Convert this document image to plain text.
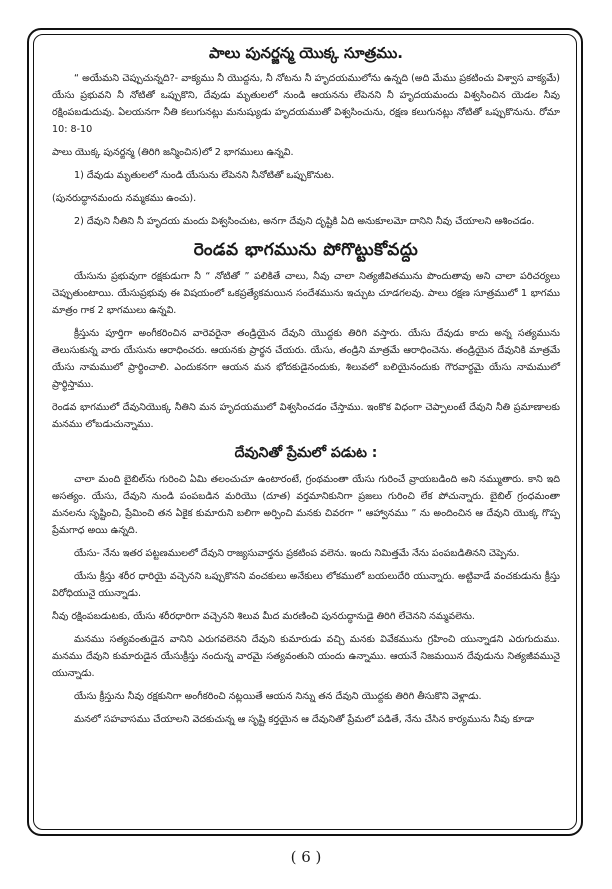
పాలు పునర్జన్మ యొక్క సూత్రము.

“ అయేమని చెప్పుచున్నది?- వాక్యము నీ యొద్దను, నీ నోటను నీ హృదయములోను ఉన్నది (అది మేము ప్రకటించు విశ్వాస వాక్యమే) యేసు ప్రభువని నీ నోటితో ఒప్పుకొని, దేవుడు మృతులలో నుండి ఆయనను లేపెనని నీ హృదయమందు విశ్వసించిన యెడల నీవు రక్షింపబడుదువు. ఏలయనగా నీతి కలుగునట్లు మనుష్యుడు హృదయముతో విశ్వసించును, రక్షణ కలుగునట్లు నోటితో ఒప్పుకొనును. రోమా 10: 8-10

పాలు యొక్క పునర్జన్మ (తిరిగి జన్మించిన)లో 2 భాగములు ఉన్నవి.

1) దేవుడు మృతులలో నుండి యేసును లేపెనని నీనోటితో ఒప్పుకొనుట.

(పునరుద్ధానమందు నమ్మకము ఉంచు).

2) దేవుని నీతిని నీ హృదయ మందు విశ్వసించుట, అనగా దేవుని దృష్టికి ఏది అనుకూలమో దానిని నీవు చేయాలని ఆశించడం.

రెండవ భాగమును పోగొట్టుకోవద్దు

యేసును ప్రభువుగా రక్షకుడుగా నీ “ నోటితో ” పలికితే చాలు, నీవు చాలా నిత్యజీవితమును పొందుతావు అని చాలా పరిచర్యలు చెప్పుతుంటాయి. యేసుప్రభువు ఈ విషయంలో ఒకప్రత్యేకమయిన సందేశమును ఇచ్చుట చూడగలవు. పాలు రక్షణ సూత్రములో 1 భాగము మాత్రం గాక 2 భాగములు ఉన్నవి.

క్రీస్తును పూర్తిగా అంగీకరించిన వారెవరైనా తండ్రియైన దేవుని యొద్దకు తిరిగి వస్తారు. యేసు దేవుడు కాదు అన్న సత్యమును తెలుసుకున్న వారు యేసును ఆరాధించరు. ఆయనకు ప్రార్థన చేయరు. యేసు, తండ్రిని మాత్రమే ఆరాధించెను. తండ్రియైన దేవునికి మాత్రమే యేసు నామములో ప్రార్థించాలి. ఎందుకనగా ఆయన మన భోదకుడైనందుకు, శిలువలో బలియైనందుకు గౌరవార్థమై యేసు నామములో ప్రార్థిస్తాము.

రెండవ భాగములో దేవునియొక్క నీతిని మన హృదయములో విశ్వసించడం చేస్తాము. ఇంకొక విధంగా చెప్పాలంటే దేవుని నీతి ప్రమాణాలకు మనము లోబడుచున్నాము.

దేవునితో ప్రేమలో పడుట :

చాలా మంది బైబిల్‌ను గురించి ఏమి తలంచుచూ ఉంటారంటే, గ్రంథమంతా యేసు గురించే వ్రాయబడింది అని నమ్ముతారు. కాని ఇది అసత్యం. యేసు, దేవుని నుండి పంపబడిన మరియొ (దూత) వర్తమానికునిగా ప్రజలు గురించి లేక పోచున్నారు. బైబిల్ గ్రంధమంతా మనలను సృష్టించి, ప్రేమించి తన ఏకైక కుమారుని బలిగా అర్పించి మనకు చివరగా “ ఆహ్వానము ” ను అందించిన ఆ దేవుని యొక్క గొప్ప ప్రేమగాధ అయి ఉన్నది.

యేసు- నేను ఇతర పట్టణములలో దేవుని రాజ్యసువార్తను ప్రకటింప వలెను. ఇందు నిమిత్తమే నేను పంపబడితినని చెప్పెను.

యేసు క్రీస్తు శరీర ధారియై వచ్చెనని ఒప్పుకొనని వంచకులు అనేకులు లోకములో బయలుదేరి యున్నారు. అట్టివాడే వంచకుడును క్రీస్తు విరోధియునై యున్నాడు.

నీవు రక్షింపబడుటకు, యేసు శరీరధారిగా వచ్చెనని శిలువ మీద మరణించి పునరుద్ధానుడై తిరిగి లేచెనని నమ్మవలెను.

మనము సత్యవంతుడైన వానిని ఎరుగవలెనని దేవుని కుమారుడు వచ్చి మనకు వివేకమును గ్రహించి యున్నాడని ఎరుగుదుము. మనము దేవుని కుమారుడైన యేసుక్రీస్తు నందున్న వారమై సత్యవంతుని యందు ఉన్నాము. ఆయనే నిజమయిన దేవుడును నిత్యజీవమునై యున్నాడు.

యేసు క్రీస్తును నీవు రక్షకునిగా అంగీకరించి నట్లయితే ఆయన నిన్ను తన దేవుని యొద్దకు తిరిగి తీసుకొని వెళ్లాడు.

మనలో సహవాసము చేయాలని వెదకుచున్న ఆ సృష్టి కర్తయైన ఆ దేవునితో ప్రేమలో పడితే, నేను చేసిన కార్యమును నీవు కూడా

( 6 )
